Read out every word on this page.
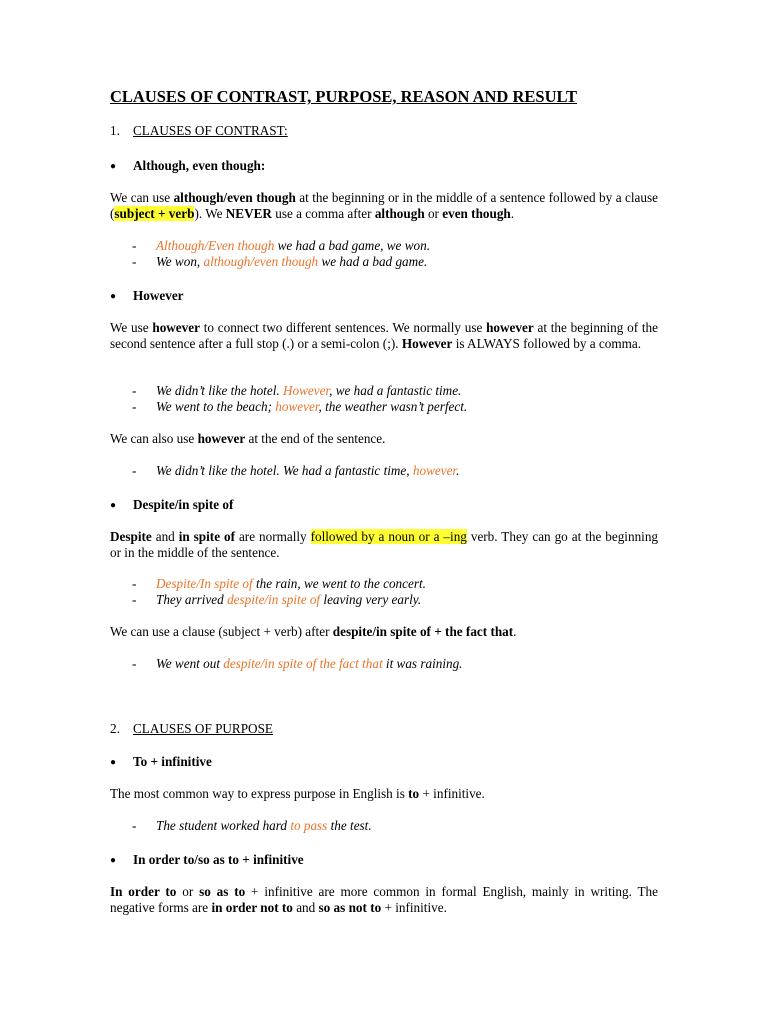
CLAUSES OF CONTRAST, PURPOSE, REASON AND RESULT
1. CLAUSES OF CONTRAST:
● Although, even though:

We can use although/even though at the beginning or in the middle of a sentence followed by a clause (subject + verb). We NEVER use a comma after although or even though.

- Although/Even though we had a bad game, we won.
- We won, although/even though we had a bad game.
● However

We use however to connect two different sentences. We normally use however at the beginning of the second sentence after a full stop (.) or a semi-colon (;). However is ALWAYS followed by a comma.

- We didn’t like the hotel. However, we had a fantastic time.
- We went to the beach; however, the weather wasn’t perfect.

We can also use however at the end of the sentence.

- We didn’t like the hotel. We had a fantastic time, however.
● Despite/in spite of

Despite and in spite of are normally followed by a noun or a –ing verb. They can go at the beginning or in the middle of the sentence.

- Despite/In spite of the rain, we went to the concert.
- They arrived despite/in spite of leaving very early.

We can use a clause (subject + verb) after despite/in spite of + the fact that.

- We went out despite/in spite of the fact that it was raining.
2. CLAUSES OF PURPOSE
● To + infinitive

The most common way to express purpose in English is to + infinitive.

- The student worked hard to pass the test.
● In order to/so as to + infinitive

In order to or so as to + infinitive are more common in formal English, mainly in writing. The negative forms are in order not to and so as not to + infinitive.
